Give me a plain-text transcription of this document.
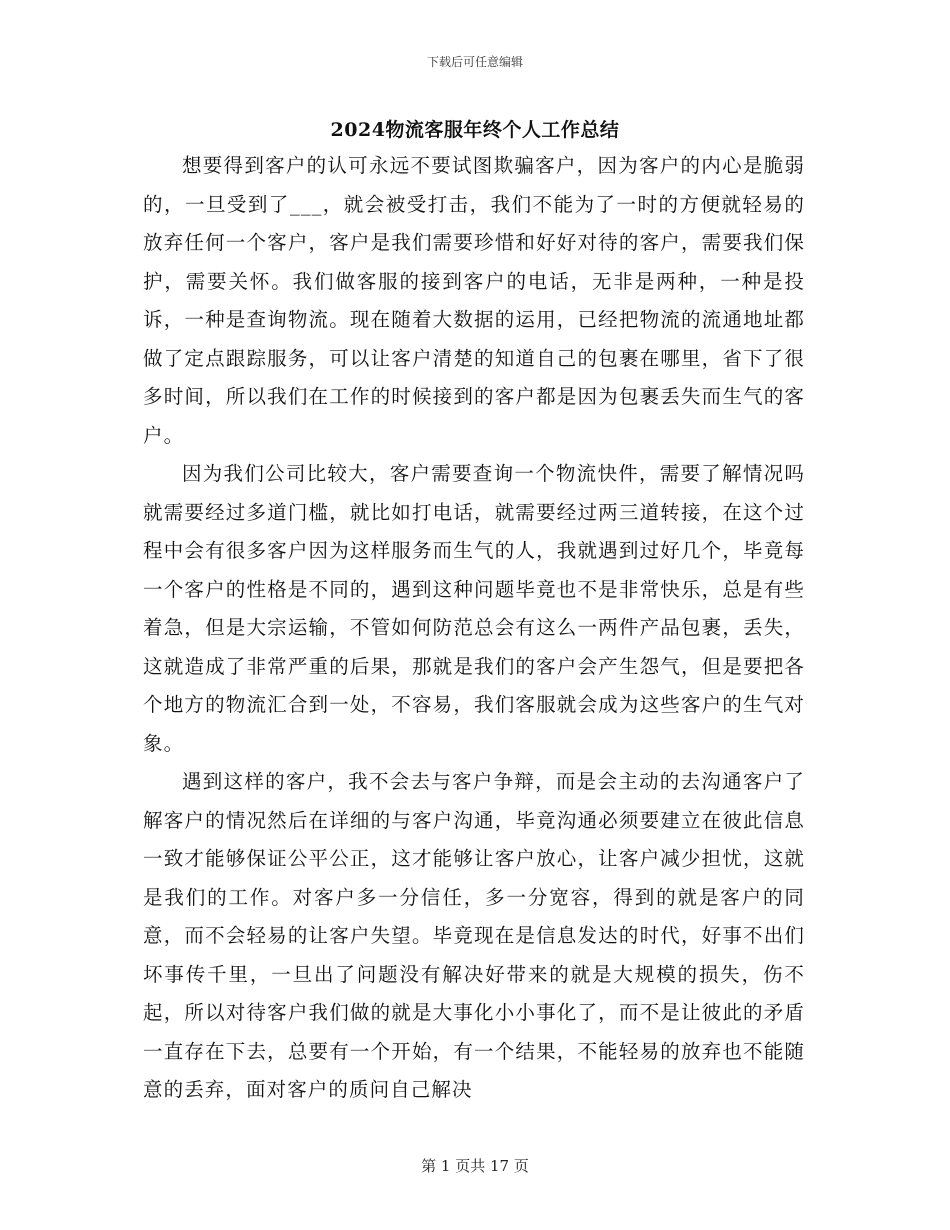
下载后可任意编辑
2024物流客服年终个人工作总结

想要得到客户的认可永远不要试图欺骗客户，因为客户的内心是脆弱的，一旦受到了___，就会被受打击，我们不能为了一时的方便就轻易的放弃任何一个客户，客户是我们需要珍惜和好好对待的客户，需要我们保护，需要关怀。我们做客服的接到客户的电话，无非是两种，一种是投诉，一种是查询物流。现在随着大数据的运用，已经把物流的流通地址都做了定点跟踪服务，可以让客户清楚的知道自己的包裹在哪里，省下了很多时间，所以我们在工作的时候接到的客户都是因为包裹丢失而生气的客户。

因为我们公司比较大，客户需要查询一个物流快件，需要了解情况吗就需要经过多道门槛，就比如打电话，就需要经过两三道转接，在这个过程中会有很多客户因为这样服务而生气的人，我就遇到过好几个，毕竟每一个客户的性格是不同的，遇到这种问题毕竟也不是非常快乐，总是有些着急，但是大宗运输，不管如何防范总会有这么一两件产品包裹，丢失，这就造成了非常严重的后果，那就是我们的客户会产生怨气，但是要把各个地方的物流汇合到一处，不容易，我们客服就会成为这些客户的生气对象。

遇到这样的客户，我不会去与客户争辩，而是会主动的去沟通客户了解客户的情况然后在详细的与客户沟通，毕竟沟通必须要建立在彼此信息一致才能够保证公平公正，这才能够让客户放心，让客户减少担忧，这就是我们的工作。对客户多一分信任，多一分宽容，得到的就是客户的同意，而不会轻易的让客户失望。毕竟现在是信息发达的时代，好事不出们坏事传千里，一旦出了问题没有解决好带来的就是大规模的损失，伤不起，所以对待客户我们做的就是大事化小小事化了，而不是让彼此的矛盾一直存在下去，总要有一个开始，有一个结果，不能轻易的放弃也不能随意的丢弃，面对客户的质问自己解决

第 1 页共 17 页
